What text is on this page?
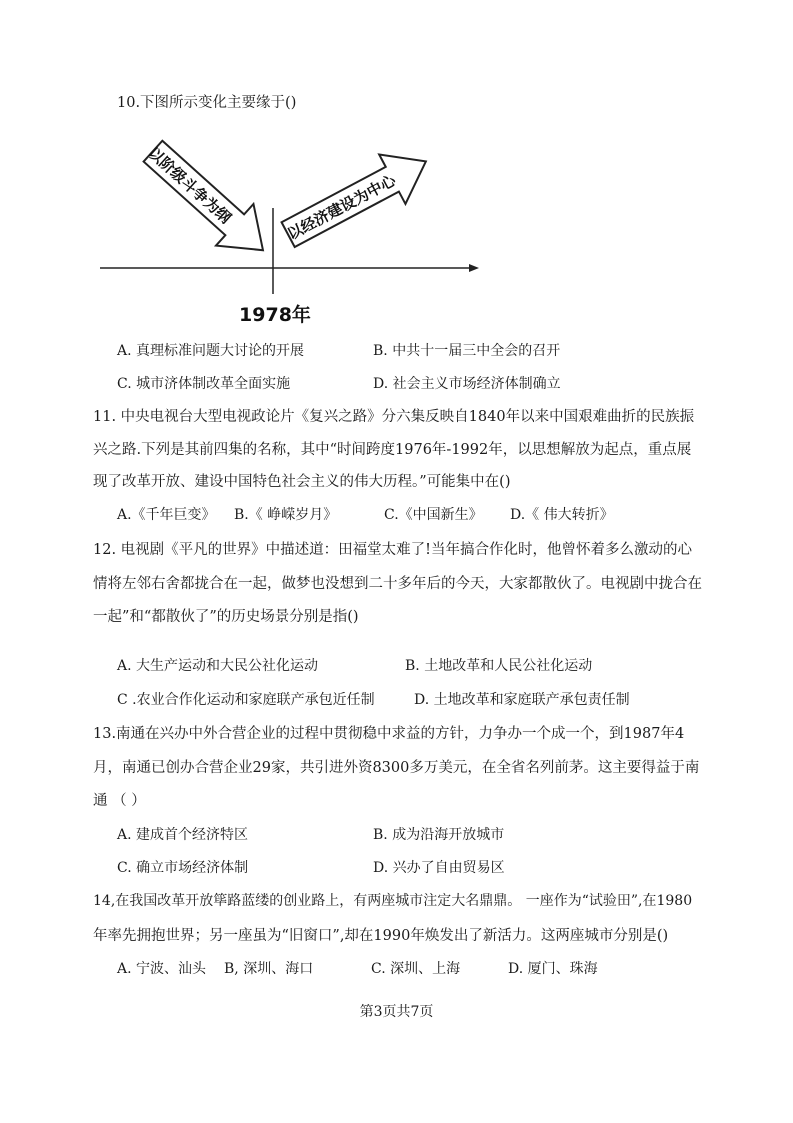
10.下图所示变化主要缘于()
以阶级斗争为纲	以经济建设为中心
1978年
A. 真理标准问题大讨论的开展	B. 中共十一届三中全会的召开
C. 城市济体制改革全面实施	D. 社会主义市场经济体制确立
11. 中央电视台大型电视政论片《复兴之路》分六集反映自1840年以来中国艰难曲折的民族振
兴之路.下列是其前四集的名称，其中“时间跨度1976年-1992年，以思想解放为起点，重点展
现了改革开放、建设中国特色社会主义的伟大历程。”可能集中在()
A.《千年巨变》 B.《 峥嵘岁月》	C.《中国新生》 D.《 伟大转折》
12. 电视剧《平凡的世界》中描述道：田福堂太难了!当年搞合作化时，他曾怀着多么激动的心
情将左邻右舍都拢合在一起，做梦也没想到二十多年后的今天，大家都散伙了。电视剧中拢合在
一起”和“都散伙了”的历史场景分别是指()
A. 大生产运动和大民公社化运动	B. 土地改革和人民公社化运动
C .农业合作化运动和家庭联产承包近任制	D. 土地改革和家庭联产承包责任制
13.南通在兴办中外合营企业的过程中贯彻稳中求益的方针，力争办一个成一个，到1987年4
月，南通已创办合营企业29家，共引进外资8300多万美元，在全省名列前茅。这主要得益于南
通 （ ）
A. 建成首个经济特区	B. 成为沿海开放城市
C. 确立市场经济体制	D. 兴办了自由贸易区
14,在我国改革开放筚路蓝缕的创业路上，有两座城市注定大名鼎鼎。 一座作为“试验田”,在1980
年率先拥抱世界；另一座虽为“旧窗口”,却在1990年焕发出了新活力。这两座城市分别是()
A. 宁波、汕头 B, 深圳、海口	C. 深圳、上海	D. 厦门、珠海
第3页共7页
